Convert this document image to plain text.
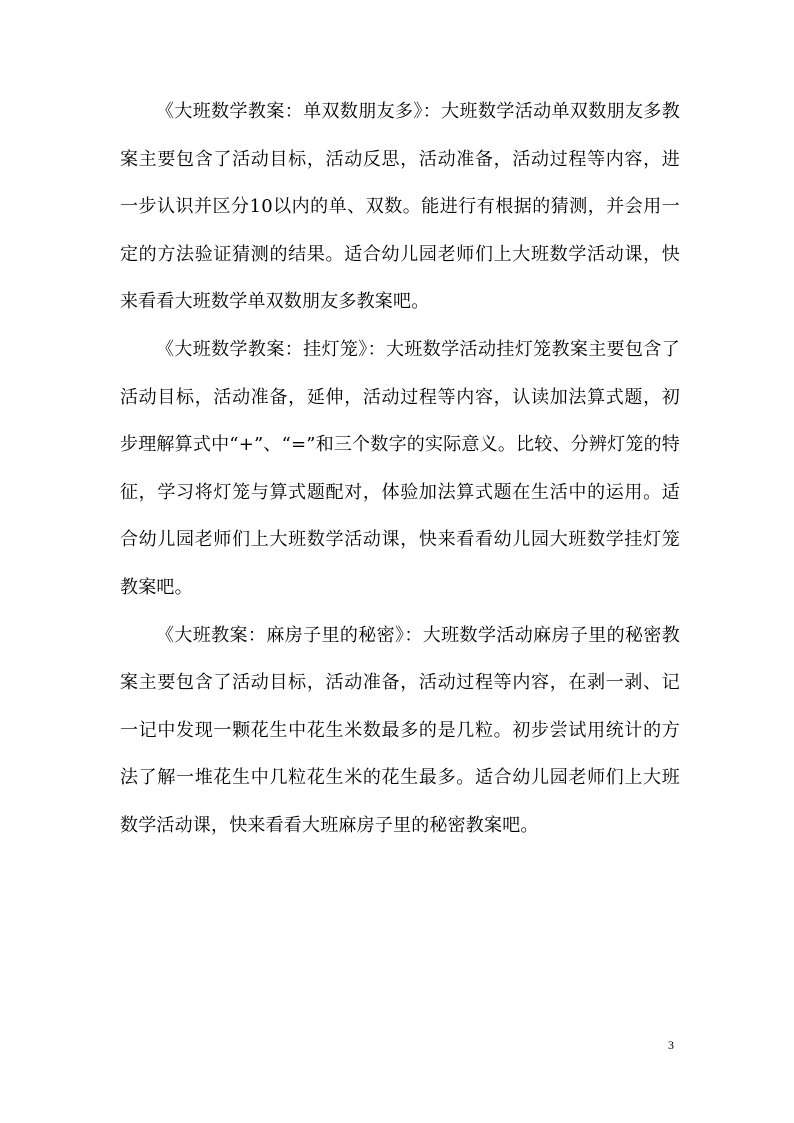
《大班数学教案：单双数朋友多》：大班数学活动单双数朋友多教案主要包含了活动目标，活动反思，活动准备，活动过程等内容，进一步认识并区分10以内的单、双数。能进行有根据的猜测，并会用一定的方法验证猜测的结果。适合幼儿园老师们上大班数学活动课，快来看看大班数学单双数朋友多教案吧。

《大班数学教案：挂灯笼》：大班数学活动挂灯笼教案主要包含了活动目标，活动准备，延伸，活动过程等内容，认读加法算式题，初步理解算式中“+”、“=”和三个数字的实际意义。比较、分辨灯笼的特征，学习将灯笼与算式题配对，体验加法算式题在生活中的运用。适合幼儿园老师们上大班数学活动课，快来看看幼儿园大班数学挂灯笼教案吧。

《大班教案：麻房子里的秘密》：大班数学活动麻房子里的秘密教案主要包含了活动目标，活动准备，活动过程等内容，在剥一剥、记一记中发现一颗花生中花生米数最多的是几粒。初步尝试用统计的方法了解一堆花生中几粒花生米的花生最多。适合幼儿园老师们上大班数学活动课，快来看看大班麻房子里的秘密教案吧。

3
